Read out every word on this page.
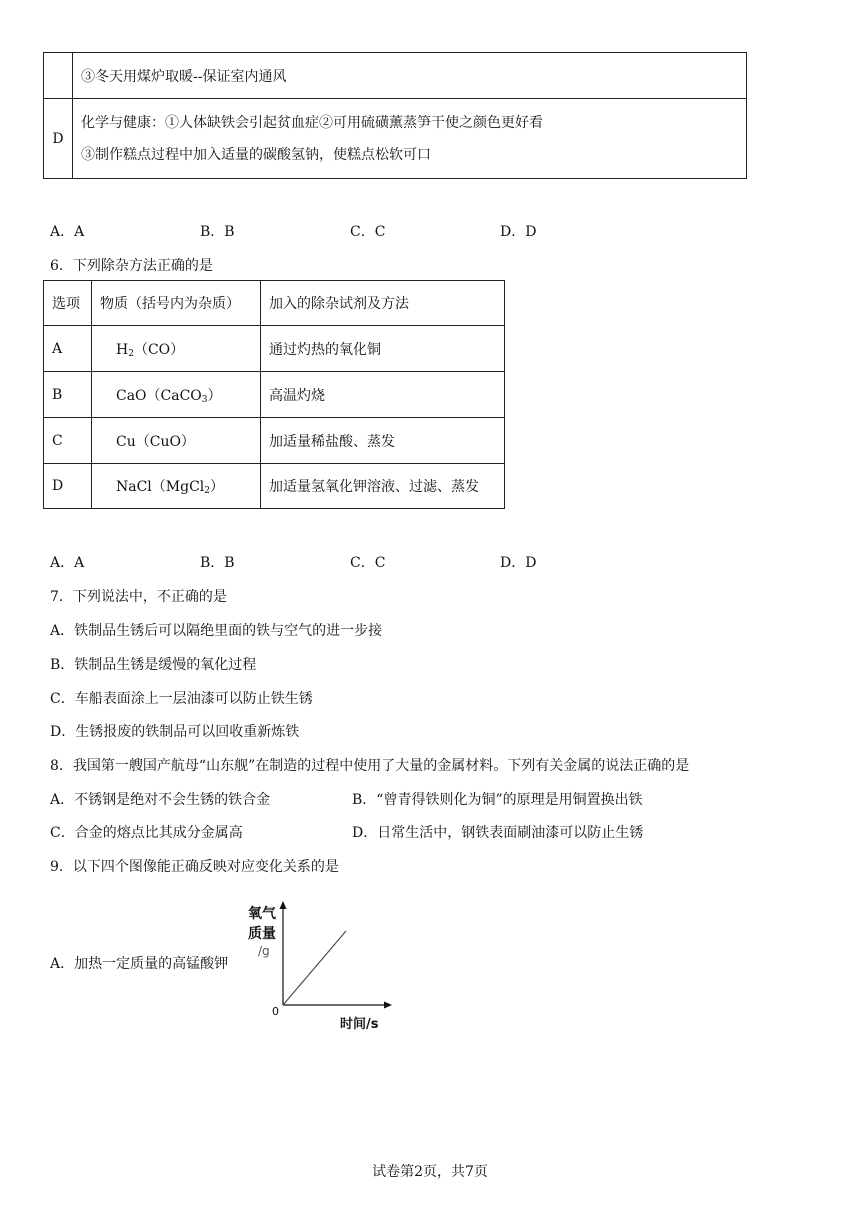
	③冬天用煤炉取暖--保证室内通风
D	化学与健康：①人体缺铁会引起贫血症②可用硫磺薰蒸笋干使之颜色更好看
③制作糕点过程中加入适量的碳酸氢钠，使糕点松软可口
A．A	B．B	C．C	D．D
6．下列除杂方法正确的是
选项	物质（括号内为杂质）	加入的除杂试剂及方法
A	$H_2(CO)$	通过灼热的氧化铜
B	CaO（CaCO$_3$）	高温灼烧
C	Cu（CuO）	加适量稀盐酸、蒸发
D	NaCl（MgCl$_2$）	加适量氢氧化钾溶液、过滤、蒸发
A．A	B．B	C．C	D．D
7．下列说法中，不正确的是
A．铁制品生锈后可以隔绝里面的铁与空气的进一步接
B．铁制品生锈是缓慢的氧化过程
C．车船表面涂上一层油漆可以防止铁生锈
D．生锈报废的铁制品可以回收重新炼铁
8．我国第一艘国产航母“山东舰”在制造的过程中使用了大量的金属材料。下列有关金属的说法正确的是
A．不锈钢是绝对不会生锈的铁合金	B．“曾青得铁则化为铜”的原理是用铜置换出铁
C．合金的熔点比其成分金属高	D．日常生活中，钢铁表面刷油漆可以防止生锈
9．以下四个图像能正确反映对应变化关系的是
A．加热一定质量的高锰酸钾
氧气
质量
/g
0
时间/s
试卷第2页，共7页
